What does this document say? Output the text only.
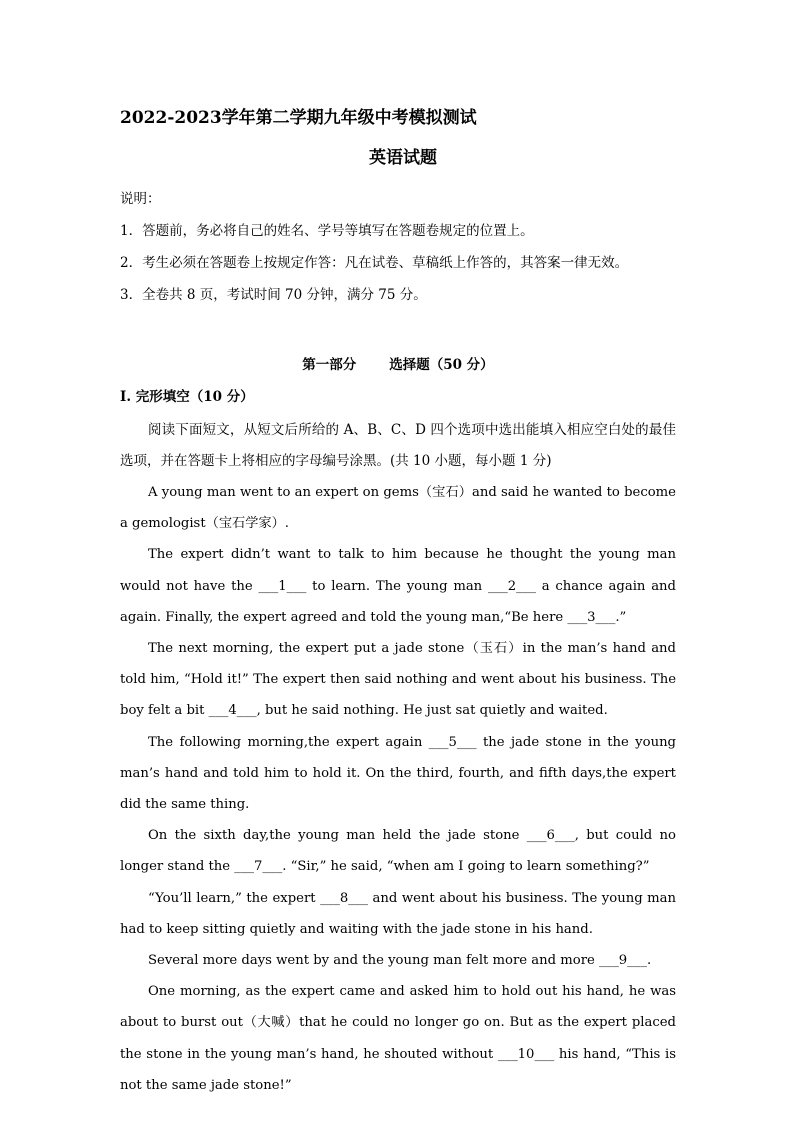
2022-2023学年第二学期九年级中考模拟测试
英语试题
说明：
1．答题前，务必将自己的姓名、学号等填写在答题卷规定的位置上。
2．考生必须在答题卷上按规定作答：凡在试卷、草稿纸上作答的，其答案一律无效。
3．全卷共 8 页，考试时间 70 分钟，满分 75 分。
第一部分       选择题（50 分）
I. 完形填空（10 分）
阅读下面短文，从短文后所给的 A、B、C、D 四个选项中选出能填入相应空白处的最佳选项，并在答题卡上将相应的字母编号涂黑。(共 10 小题，每小题 1 分)

A young man went to an expert on gems（宝石）and said he wanted to become a gemologist（宝石学家）.

The expert didn’t want to talk to him because he thought the young man would not have the ___1___ to learn. The young man ___2___ a chance again and again. Finally, the expert agreed and told the young man,“Be here ___3___.”

The next morning, the expert put a jade stone（玉石）in the man’s hand and told him, “Hold it!” The expert then said nothing and went about his business. The boy felt a bit ___4___, but he said nothing. He just sat quietly and waited.

The following morning,the expert again ___5___ the jade stone in the young man’s hand and told him to hold it. On the third, fourth, and fifth days,the expert did the same thing.

On the sixth day,the young man held the jade stone ___6___, but could no longer stand the ___7___. “Sir,” he said, “when am I going to learn something?”

“You’ll learn,” the expert ___8___ and went about his business. The young man had to keep sitting quietly and waiting with the jade stone in his hand.

Several more days went by and the young man felt more and more ___9___.

One morning, as the expert came and asked him to hold out his hand, he was about to burst out（大喊）that he could no longer go on. But as the expert placed the stone in the young man’s hand, he shouted without ___10___ his hand, “This is not the same jade stone!”
